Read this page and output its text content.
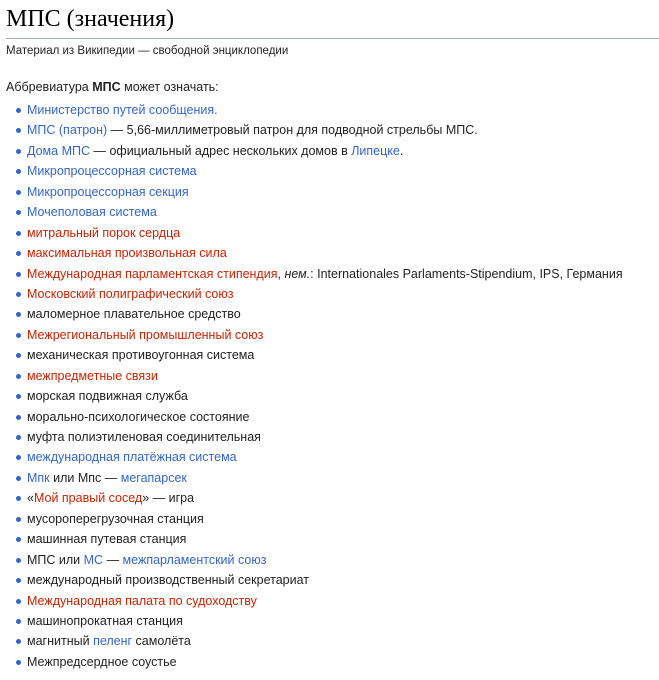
МПС (значения)

Материал из Википедии — свободной энциклопедии

Аббревиатура МПС может означать:

Министерство путей сообщения.
МПС (патрон) — 5,66-миллиметровый патрон для подводной стрельбы МПС.
Дома МПС — официальный адрес нескольких домов в Липецке.
Микропроцессорная система
Микропроцессорная секция
Мочеполовая система
митральный порок сердца
максимальная произвольная сила
Международная парламентская стипендия, нем.: Internationales Parlaments-Stipendium, IPS, Германия
Московский полиграфический союз
маломерное плавательное средство
Межрегиональный промышленный союз
механическая противоугонная система
межпредметные связи
морская подвижная служба
морально-психологическое состояние
муфта полиэтиленовая соединительная
международная платёжная система
Мпк или Мпс — мегапарсек
«Мой правый сосед» — игра
мусороперегрузочная станция
машинная путевая станция
МПС или МС — межпарламентский союз
международный производственный секретариат
Международная палата по судоходству
машинопрокатная станция
магнитный пеленг самолёта
Межпредсердное соустье
